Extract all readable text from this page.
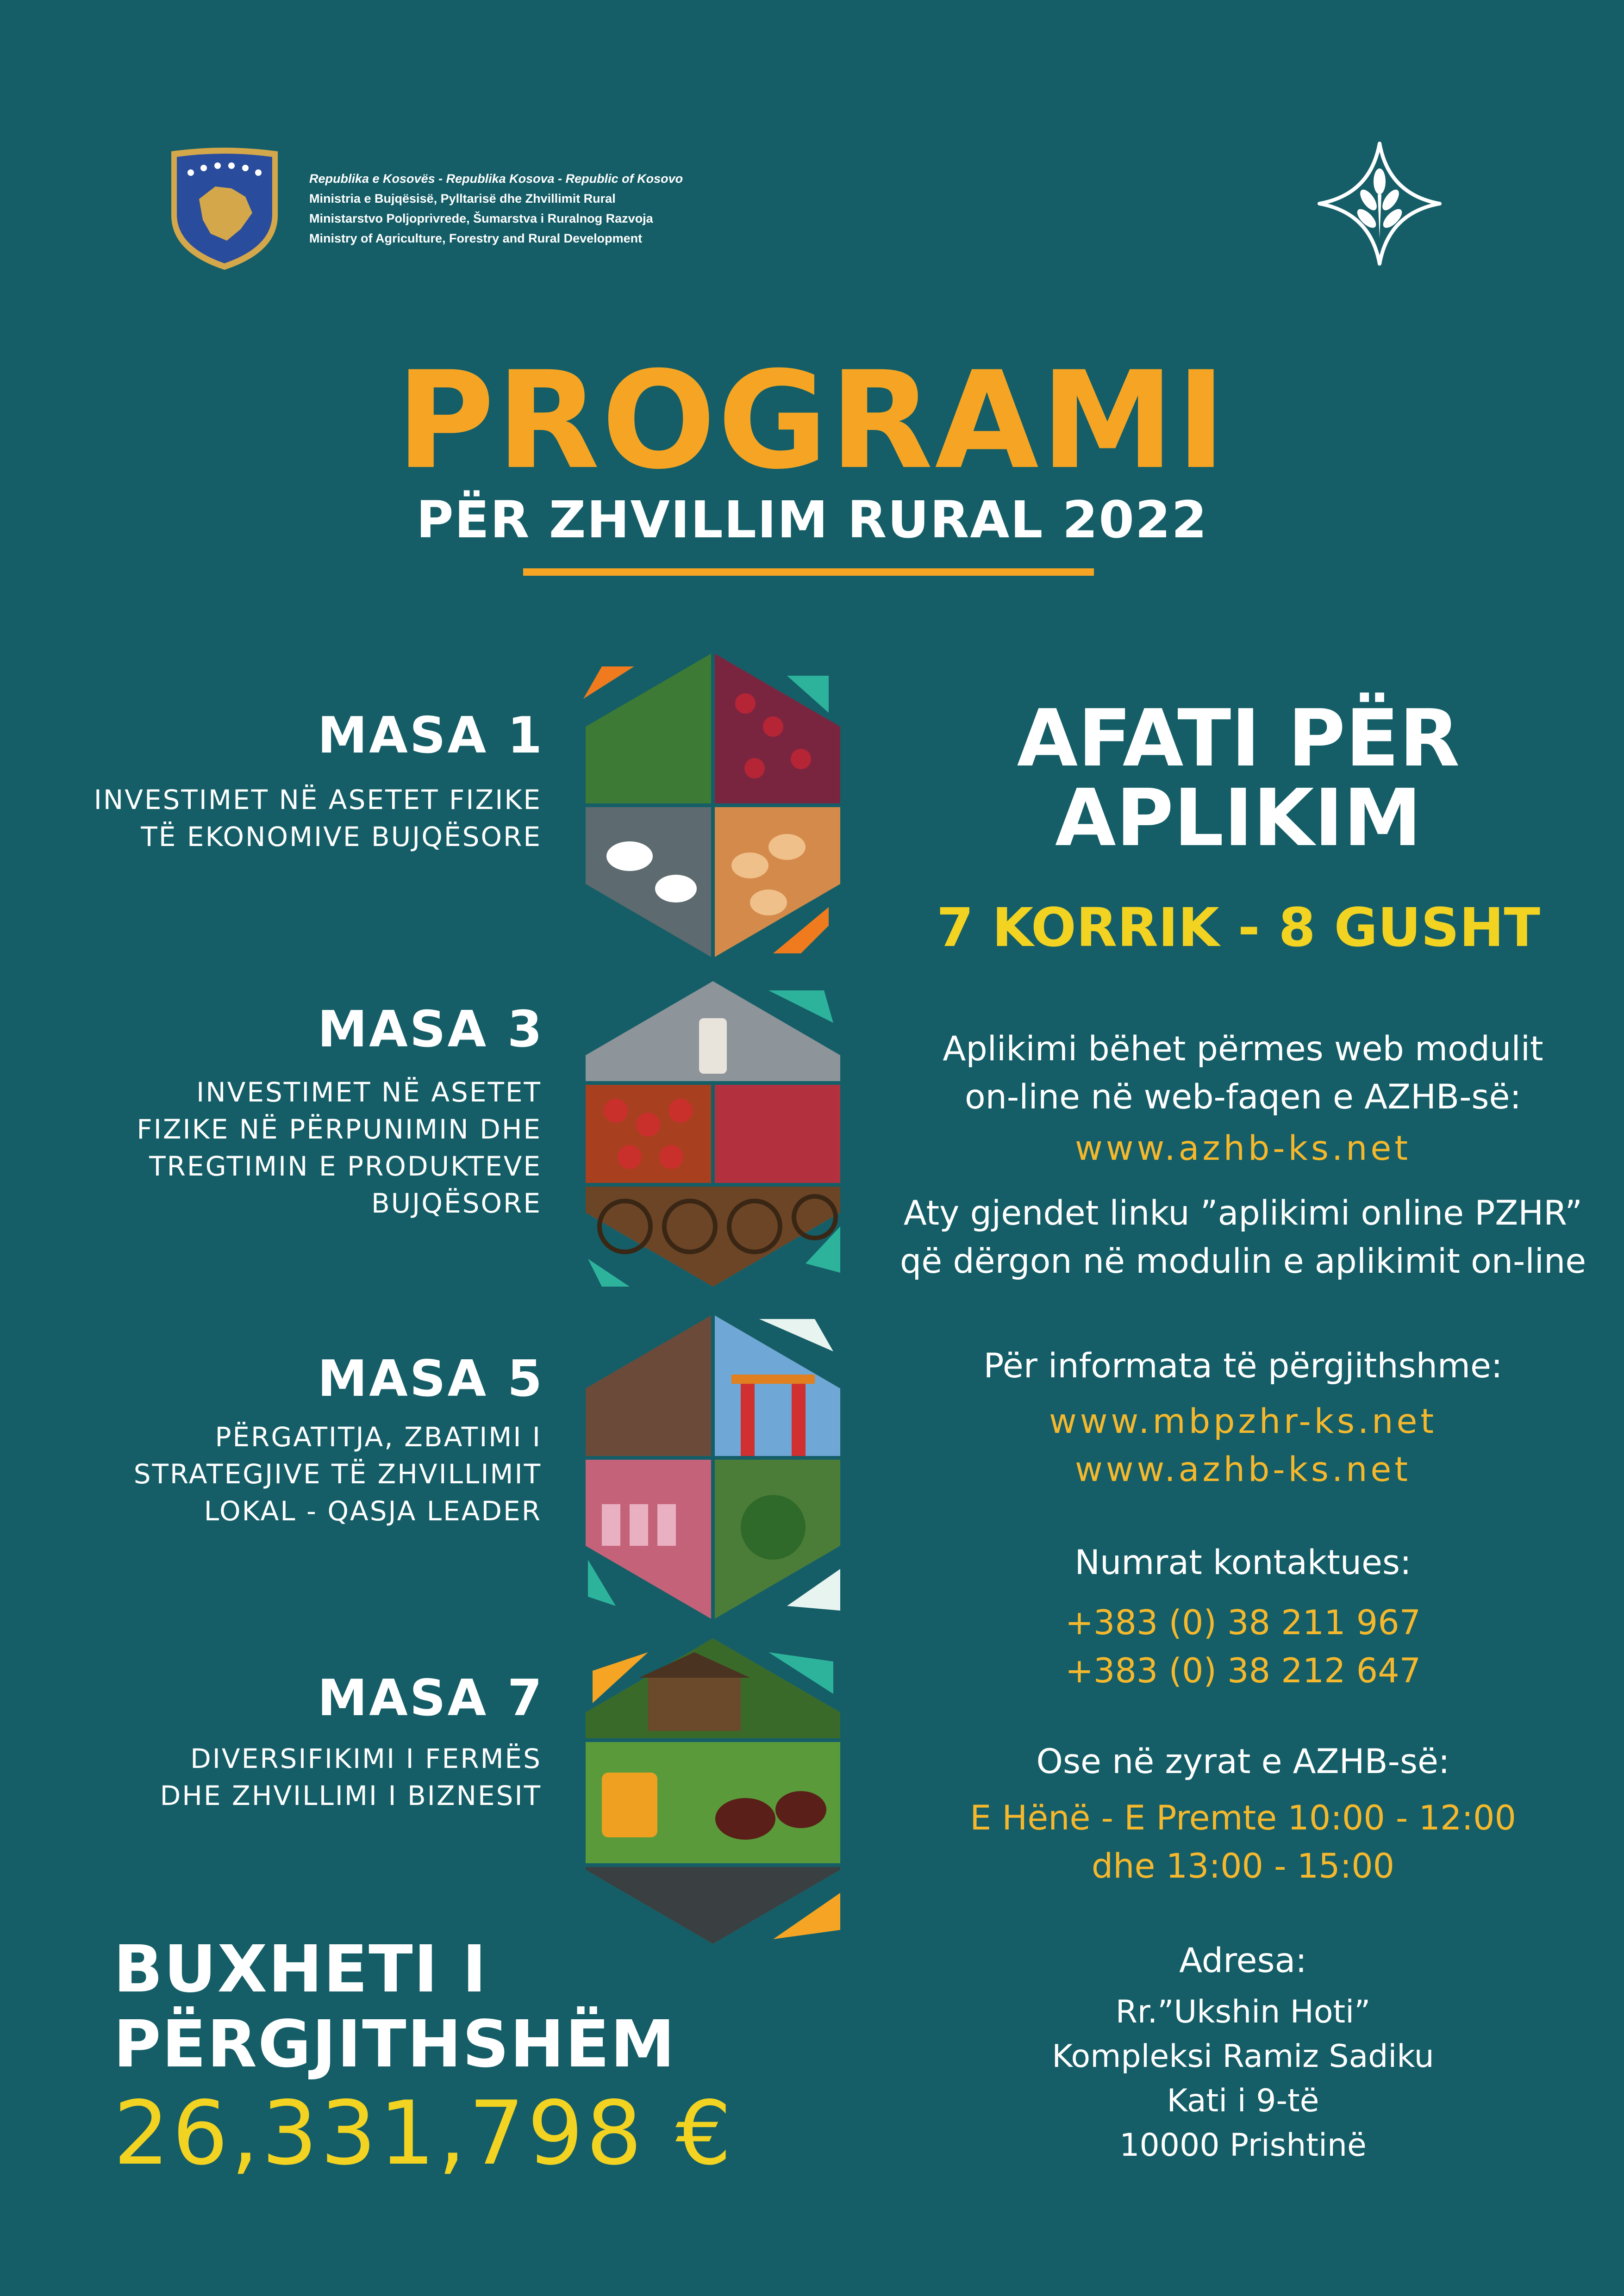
Republika e Kosovës - Republika Kosova - Republic of Kosovo
Ministria e Bujqësisë, Pylltarisë dhe Zhvillimit Rural
Ministarstvo Poljoprivrede, Šumarstva i Ruralnog Razvoja
Ministry of Agriculture, Forestry and Rural Development
PROGRAMI
PËR ZHVILLIM RURAL 2022
MASA 1
INVESTIMET NË ASETET FIZIKE
TË EKONOMIVE BUJQËSORE
MASA 3
INVESTIMET NË ASETET
FIZIKE NË PËRPUNIMIN DHE
TREGTIMIN E PRODUKTEVE
BUJQËSORE
MASA 5
PËRGATITJA, ZBATIMI I
STRATEGJIVE TË ZHVILLIMIT
LOKAL - QASJA LEADER
MASA 7
DIVERSIFIKIMI I FERMËS
DHE ZHVILLIMI I BIZNESIT
AFATI PËR
APLIKIM
7 KORRIK - 8 GUSHT
Aplikimi bëhet përmes web modulit
on-line në web-faqen e AZHB-së:
www.azhb-ks.net
Aty gjendet linku ”aplikimi online PZHR”
që dërgon në modulin e aplikimit on-line
Për informata të përgjithshme:
www.mbpzhr-ks.net
www.azhb-ks.net
Numrat kontaktues:
+383 (0) 38 211 967
+383 (0) 38 212 647
Ose në zyrat e AZHB-së:
E Hënë - E Premte 10:00 - 12:00
dhe 13:00 - 15:00
Adresa:
Rr.”Ukshin Hoti”
Kompleksi Ramiz Sadiku
Kati i 9-të
10000 Prishtinë
BUXHETI I
PËRGJITHSHËM
26,331,798 €
